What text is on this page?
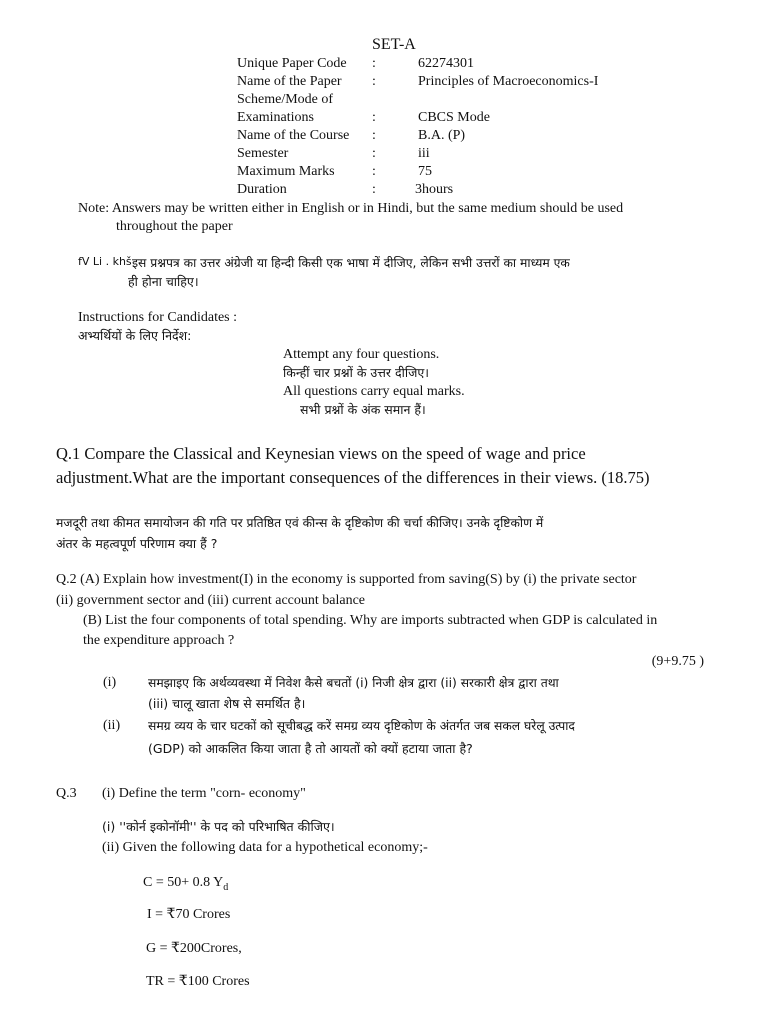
SET-A
Unique Paper Code :	62274301
Name of the Paper :	Principles of Macroeconomics-I
Scheme/Mode of
Examinations	:	CBCS Mode
Name of the Course :	B.A. (P)
Semester	:	iii
Maximum Marks	:	75
Duration	:	3hours
Note: Answers may be written either in English or in Hindi, but the same medium should be used
throughout the paper
fV Li . khš इस प्रश्नपत्र का उत्तर अंग्रेजी या हिन्दी किसी एक भाषा में दीजिए, लेकिन सभी उत्तरों का माध्यम एक
ही होना चाहिए।
Instructions for Candidates :
अभ्यर्थियों के लिए निर्देश:
Attempt any four questions.
किन्हीं चार प्रश्नों के उत्तर दीजिए।
All questions carry equal marks.
सभी प्रश्नों के अंक समान हैं।
Q.1 Compare the Classical and Keynesian views on the speed of wage and price
adjustment.What are the important consequences of the differences in their views. (18.75)
मजदूरी तथा कीमत समायोजन की गति पर प्रतिष्ठित एवं कीन्स के दृष्टिकोण की चर्चा कीजिए। उनके दृष्टिकोण में
अंतर के महत्वपूर्ण परिणाम क्या हैं ?
Q.2 (A) Explain how investment(I) in the economy is supported from saving(S) by (i) the private sector
(ii) government sector and (iii) current account balance
(B) List the four components of total spending. Why are imports subtracted when GDP is calculated in
the expenditure approach ?
(9+9.75 )
(i)	समझाइए कि अर्थव्यवस्था में निवेश कैसे बचतों (i) निजी क्षेत्र द्वारा (ii) सरकारी क्षेत्र द्वारा तथा
(iii) चालू खाता शेष से समर्थित है।
(ii) समग्र व्यय के चार घटकों को सूचीबद्ध करें समग्र व्यय दृष्टिकोण के अंतर्गत जब सकल घरेलू उत्पाद
(GDP) को आकलित किया जाता है तो आयतों को क्यों हटाया जाता है?
Q.3 (i) Define the term "corn- economy"
(i) ''कोर्न इकोनॉमी'' के पद को परिभाषित कीजिए।
(ii) Given the following data for a hypothetical economy;-
C = 50+ 0.8 $Y_d$
I = ₹70 Crores
G = ₹200Crores,
TR = ₹100 Crores
